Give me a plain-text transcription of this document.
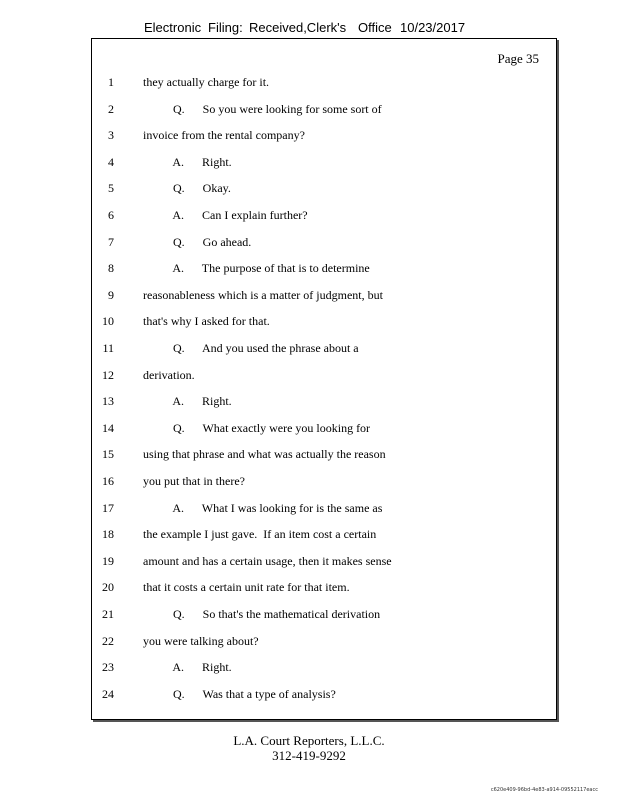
Electronic Filing: Received,Clerk's Office 10/23/2017
Page 35
1 they actually charge for it.
2 Q.      So you were looking for some sort of
3 invoice from the rental company?
4 A.      Right.
5 Q.      Okay.
6 A.      Can I explain further?
7 Q.      Go ahead.
8 A.      The purpose of that is to determine
9 reasonableness which is a matter of judgment, but
10 that's why I asked for that.
11 Q.      And you used the phrase about a
12 derivation.
13 A.      Right.
14 Q.      What exactly were you looking for
15 using that phrase and what was actually the reason
16 you put that in there?
17 A.      What I was looking for is the same as
18 the example I just gave.  If an item cost a certain
19 amount and has a certain usage, then it makes sense
20 that it costs a certain unit rate for that item.
21 Q.      So that's the mathematical derivation
22 you were talking about?
23 A.      Right.
24 Q.      Was that a type of analysis?
L.A. Court Reporters, L.L.C.
312-419-9292
c620e409-96bd-4e83-a914-09552117eacc
